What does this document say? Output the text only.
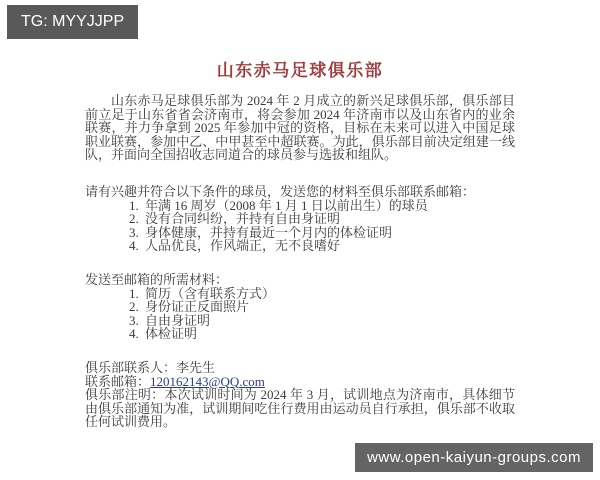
TG: MYYJJPP
山东赤马足球俱乐部

山东赤马足球俱乐部为 2024 年 2 月成立的新兴足球俱乐部，俱乐部目前立足于山东省省会济南市，将会参加 2024 年济南市以及山东省内的业余联赛，并力争拿到 2025 年参加中冠的资格，目标在未来可以进入中国足球职业联赛，参加中乙、中甲甚至中超联赛。为此，俱乐部目前决定组建一线队，并面向全国招收志同道合的球员参与选拔和组队。

请有兴趣并符合以下条件的球员，发送您的材料至俱乐部联系邮箱：

1. 年满 16 周岁（2008 年 1 月 1 日以前出生）的球员
2. 没有合同纠纷，并持有自由身证明
3. 身体健康，并持有最近一个月内的体检证明
4. 人品优良，作风端正，无不良嗜好

发送至邮箱的所需材料：

1. 简历（含有联系方式）
2. 身份证正反面照片
3. 自由身证明
4. 体检证明

俱乐部联系人：李先生

联系邮箱：120162143@QQ.com

俱乐部注明：本次试训时间为 2024 年 3 月，试训地点为济南市，具体细节由俱乐部通知为准，试训期间吃住行费用由运动员自行承担，俱乐部不收取任何试训费用。

www.open-kaiyun-groups.com
